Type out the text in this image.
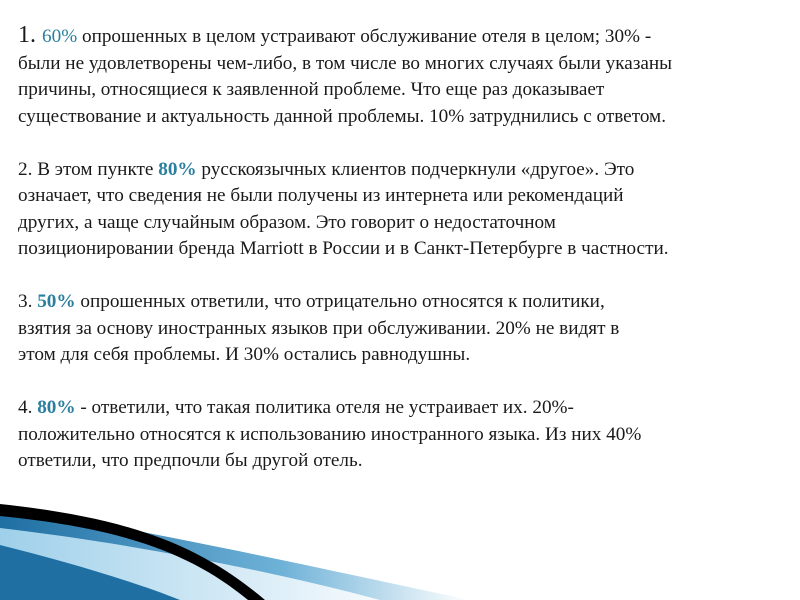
1. 60% опрошенных в целом устраивают обслуживание отеля в целом; 30% -
были не удовлетворены чем-либо, в том числе во многих случаях были указаны
причины, относящиеся к заявленной проблеме. Что еще раз доказывает
существование и актуальность данной проблемы. 10% затруднились с ответом.

2. В этом пункте 80% русскоязычных клиентов подчеркнули «другое». Это
означает, что сведения не были получены из интернета или рекомендаций
других, а чаще случайным образом. Это говорит о недостаточном
позиционировании бренда Marriott в России и в Санкт-Петербурге в частности.

3. 50% опрошенных ответили, что отрицательно относятся к политики,
взятия за основу иностранных языков при обслуживании. 20% не видят в
этом для себя проблемы. И 30% остались равнодушны.

4. 80% - ответили, что такая политика отеля не устраивает их. 20%-
положительно относятся к использованию иностранного языка. Из них 40%
ответили, что предпочли бы другой отель.
